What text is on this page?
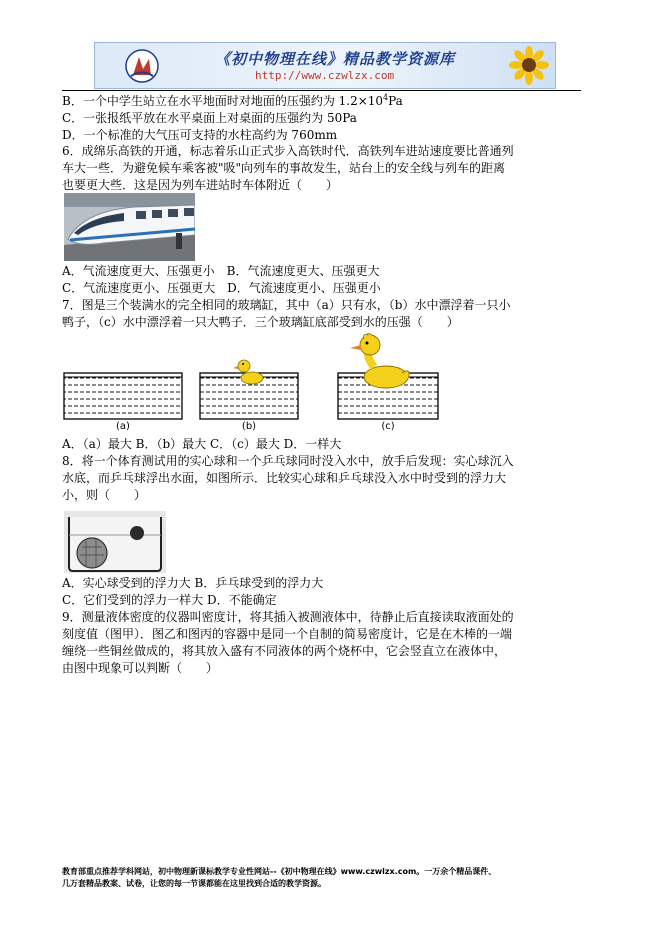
《初中物理在线》精品教学资源库
http://www.czwlzx.com
B．一个中学生站立在水平地面时对地面的压强约为 $1.2\times 10^4Pa$
C．一张报纸平放在水平桌面上对桌面的压强约为 50Pa
D．一个标准的大气压可支持的水柱高约为 760mm
6．成绵乐高铁的开通，标志着乐山正式步入高铁时代．高铁列车进站速度要比普通列
车大一些．为避免候车乘客被"吸"向列车的事故发生，站台上的安全线与列车的距离
也要更大些．这是因为列车进站时车体附近（　　）
A．气流速度更大、压强更小　B．气流速度更大、压强更大
C．气流速度更小、压强更大　D．气流速度更小、压强更小
7．图是三个装满水的完全相同的玻璃缸，其中（a）只有水，（b）水中漂浮着一只小
鸭子，（c）水中漂浮着一只大鸭子．三个玻璃缸底部受到水的压强（　　）
(a)	(b)	(c)
A．（a）最大 B．（b）最大 C．（c）最大 D．一样大
8．将一个体育测试用的实心球和一个乒乓球同时没入水中，放手后发现：实心球沉入
水底，而乒乓球浮出水面，如图所示．比较实心球和乒乓球没入水中时受到的浮力大
小，则（　　）
A．实心球受到的浮力大 B．乒乓球受到的浮力大
C．它们受到的浮力一样大 D．不能确定
9．测量液体密度的仪器叫密度计，将其插入被测液体中，待静止后直接读取液面处的
刻度值（图甲）．图乙和图丙的容器中是同一个自制的简易密度计，它是在木棒的一端
缠绕一些铜丝做成的，将其放入盛有不同液体的两个烧杯中，它会竖直立在液体中，
由图中现象可以判断（　　）
教育部重点推荐学科网站，初中物理新课标教学专业性网站--《初中物理在线》www.czwlzx.com。一万余个精品课件、
几万套精品教案、试卷，让您的每一节课都能在这里找到合适的教学资源。
